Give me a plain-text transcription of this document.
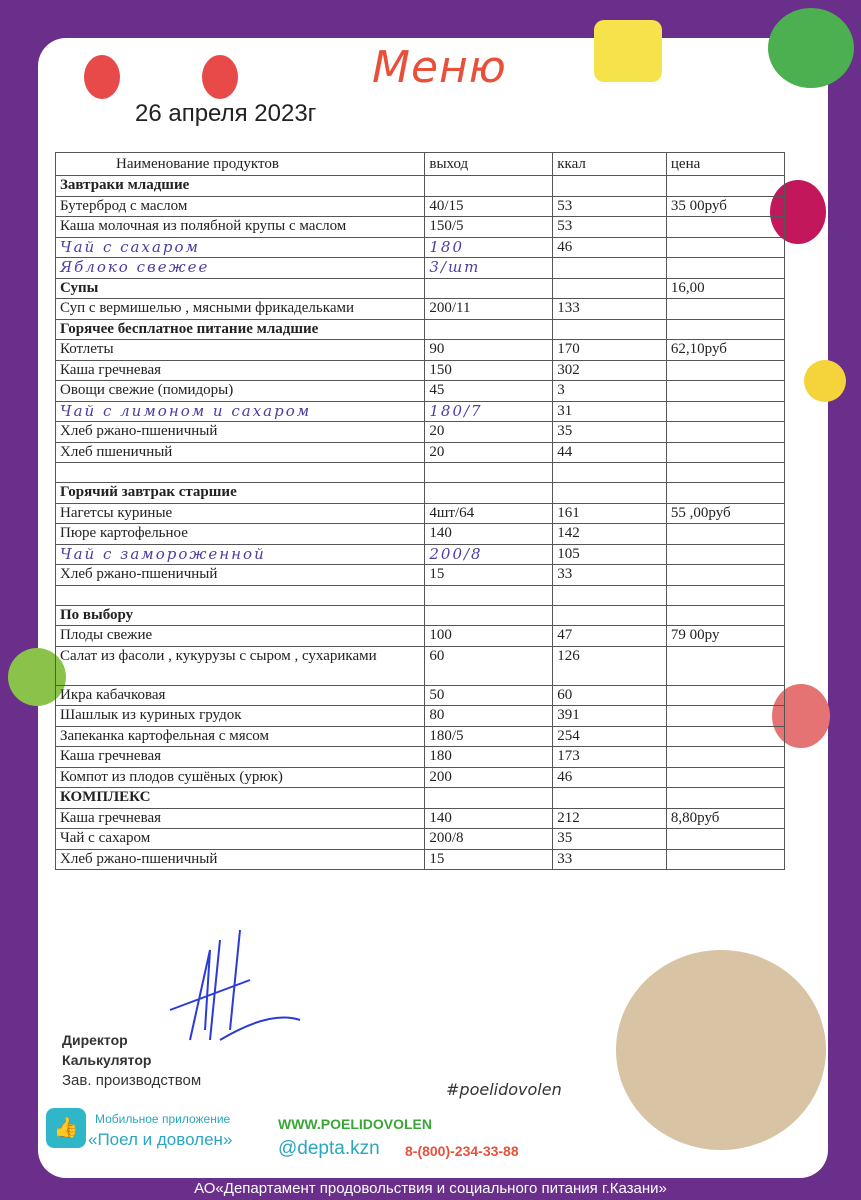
Меню
26 апреля 2023г
Наименование продуктов	выход	ккал	цена
Завтраки младшие			
Бутерброд с маслом	40/15	53	35 00руб
Каша молочная из полябной крупы с маслом	150/5	53	
Чай с сахаром	180	46	
Яблоко свежее	3/шт		
Супы			16,00
Суп с вермишелью , мясными фрикадельками	200/11	133	
Горячее бесплатное питание младшие			
Котлеты	90	170	62,10руб
Каша гречневая	150	302	
Овощи свежие (помидоры)	45	3	
Чай с лимоном и сахаром	180/7	31	
Хлеб ржано-пшеничный	20	35	
Хлеб пшеничный	20	44	

Горячий завтрак старшие			
Нагетсы куриные	4шт/64	161	55 ,00руб
Пюре картофельное	140	142	
Чай с замороженной	200/8	105	
Хлеб ржано-пшеничный	15	33	

По выбору			
Плоды свежие	100	47	79 00ру
Салат из фасоли , кукурузы с сыром , сухариками	60	126	
Икра кабачковая	50	60	
Шашлык из куриных грудок	80	391	
Запеканка картофельная с мясом	180/5	254	
Каша гречневая	180	173	
Компот из плодов сушёных (урюк)	200	46	
КОМПЛЕКС			
Каша гречневая	140	212	8,80руб
Чай с сахаром	200/8	35	
Хлеб ржано-пшеничный	15	33	
Директор
Калькулятор
Зав. производством	#poelidovolen
👍	Мобильное приложение
«Поел и доволен»
WWW.POELIDOVOLEN
@depta.kzn 8-(800)-234-33-88
АО«Департамент продовольствия и социального питания г.Казани»
